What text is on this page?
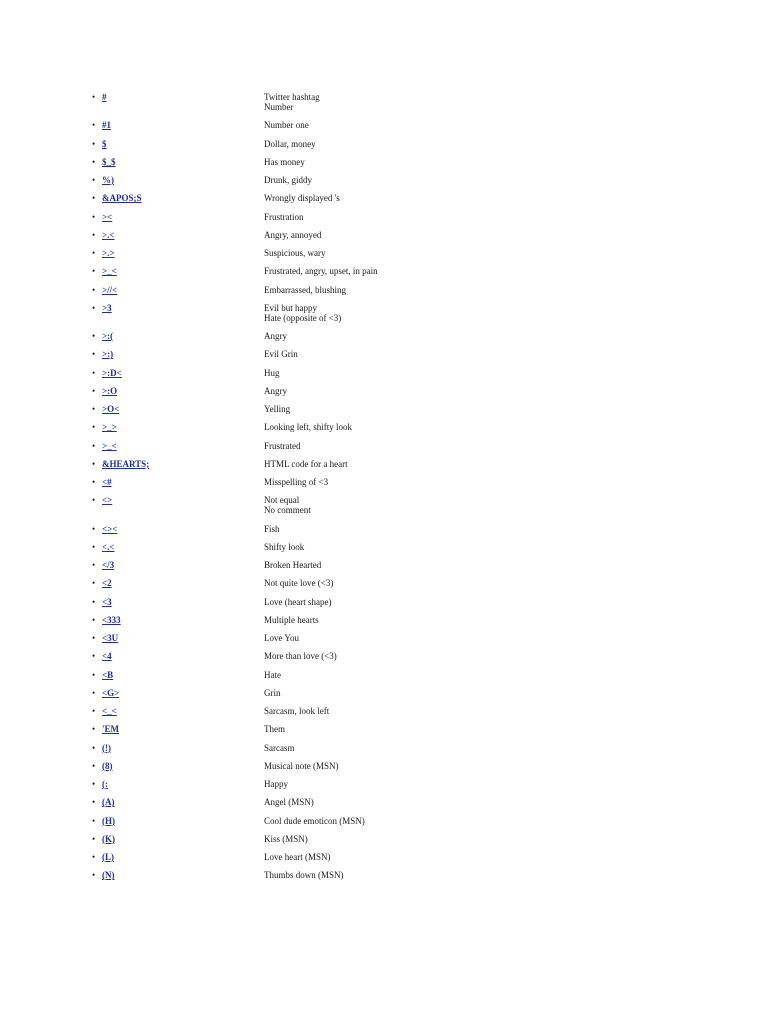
• #	Twitter hashtag
Number
• #1	Number one
• $	Dollar, money
• $_$	Has money
• %)	Drunk, giddy
• &APOS;S	Wrongly displayed 's
• ><	Frustration
• >.<	Angry, annoyed
• >.>	Suspicious, wary
• >_<	Frustrated, angry, upset, in pain
• >//<	Embarrassed, blushing
• >3	Evil but happy
Hate (opposite of <3)
• >:(	Angry
• >:)	Evil Grin
• >:D<	Hug
• >:O	Angry
• >O<	Yelling
• >_>	Looking left, shifty look
• >_<	Frustrated
• &HEARTS;	HTML code for a heart
• <#	Misspelling of <3
• <>	Not equal
No comment
• <><	Fish
• <.<	Shifty look
• </3	Broken Hearted
• <2	Not quite love (<3)
• <3	Love (heart shape)
• <333	Multiple hearts
• <3U	Love You
• <4	More than love (<3)
• <B	Hate
• <G>	Grin
• <_<	Sarcasm, look left
• 'EM	Them
• (!)	Sarcasm
• (8)	Musical note (MSN)
• (:	Happy
• (A)	Angel (MSN)
• (H)	Cool dude emoticon (MSN)
• (K)	Kiss (MSN)
• (L)	Love heart (MSN)
• (N)	Thumbs down (MSN)
